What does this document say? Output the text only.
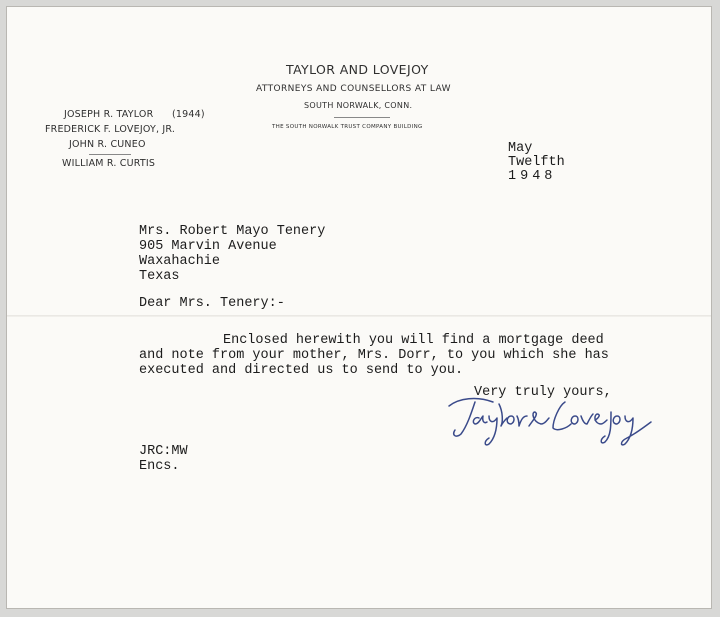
TAYLOR AND LOVEJOY
ATTORNEYS AND COUNSELLORS AT LAW
SOUTH NORWALK, CONN.
THE SOUTH NORWALK TRUST COMPANY BUILDING
JOSEPH R. TAYLOR (1944)
FREDERICK F. LOVEJOY, JR.
JOHN R. CUNEO
WILLIAM R. CURTIS
May
Twelfth
1948
Mrs. Robert Mayo Tenery
905 Marvin Avenue
Waxahachie
Texas
Dear Mrs. Tenery:-
Enclosed herewith you will find a mortgage deed
and note from your mother, Mrs. Dorr, to you which she has
executed and directed us to send to you.
Very truly yours,
JRC:MW
Encs.
